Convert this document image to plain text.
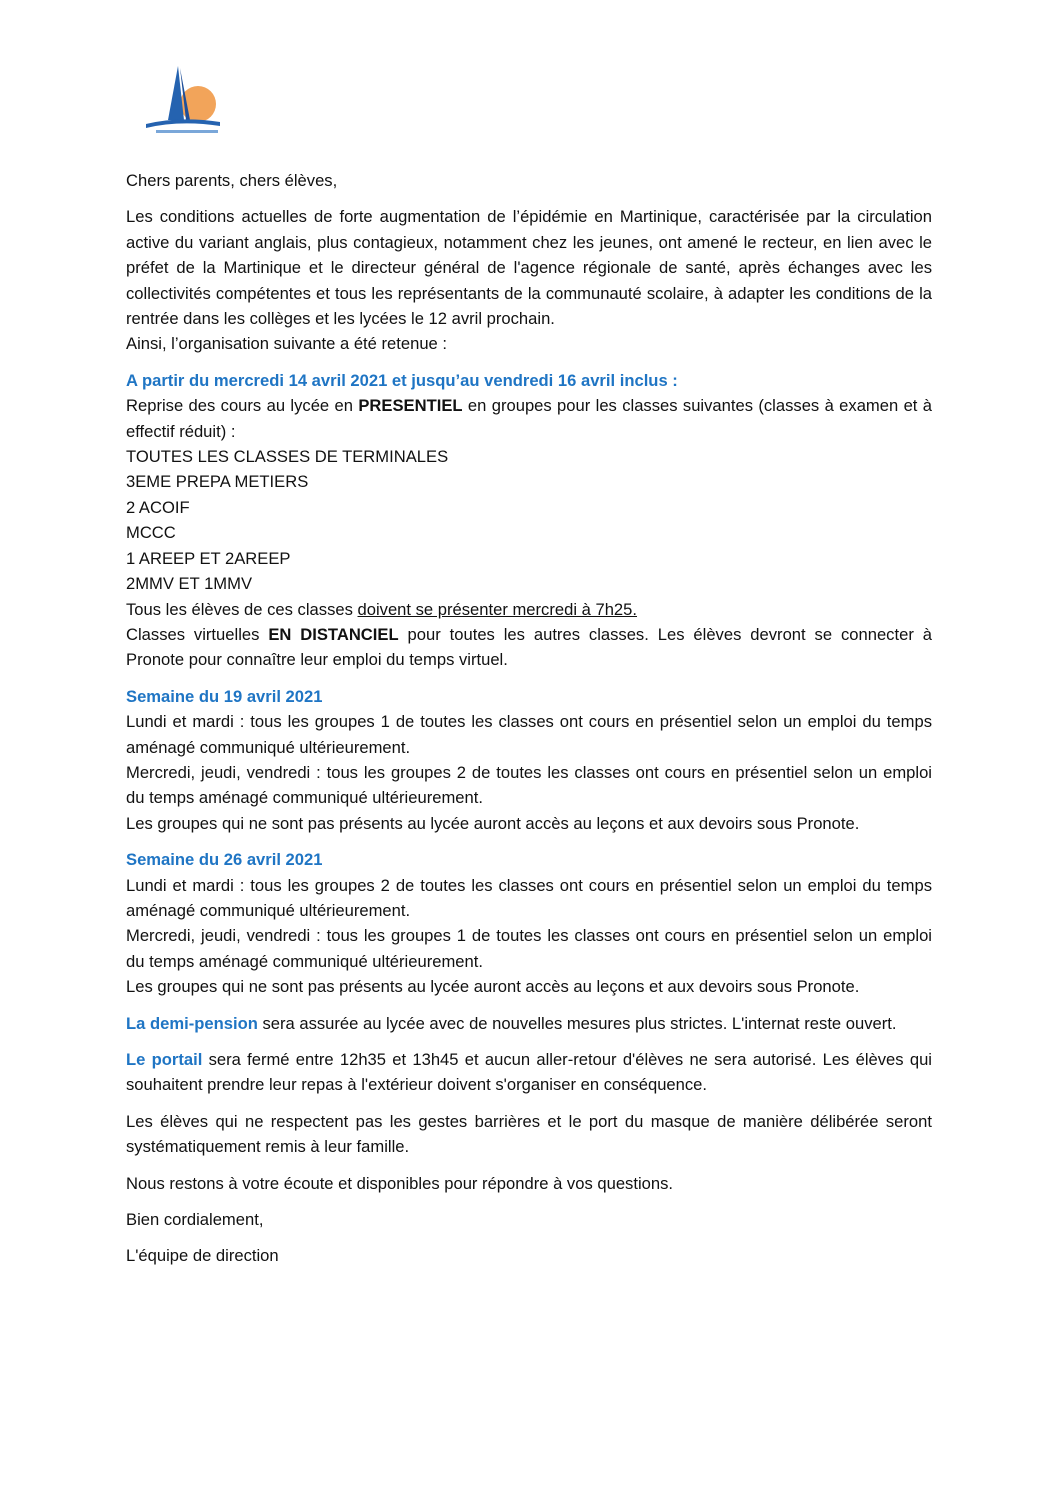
Chers parents, chers élèves,

Les conditions actuelles de forte augmentation de l’épidémie en Martinique, caractérisée par la circulation active du variant anglais, plus contagieux, notamment chez les jeunes, ont amené le recteur, en lien avec le préfet de la Martinique et le directeur général de l'agence régionale de santé, après échanges avec les collectivités compétentes et tous les représentants de la communauté scolaire, à adapter les conditions de la rentrée dans les collèges et les lycées le 12 avril prochain.

Ainsi, l’organisation suivante a été retenue :

A partir du mercredi 14 avril 2021 et jusqu’au vendredi 16 avril inclus :

Reprise des cours au lycée en PRESENTIEL en groupes pour les classes suivantes (classes à examen et à effectif réduit) :

TOUTES LES CLASSES DE TERMINALES
3EME PREPA METIERS
2 ACOIF
MCCC
1 AREEP ET 2AREEP
2MMV ET 1MMV

Tous les élèves de ces classes doivent se présenter mercredi à 7h25.

Classes virtuelles EN DISTANCIEL pour toutes les autres classes. Les élèves devront se connecter à Pronote pour connaître leur emploi du temps virtuel.

Semaine du 19 avril 2021

Lundi et mardi : tous les groupes 1 de toutes les classes ont cours en présentiel selon un emploi du temps aménagé communiqué ultérieurement.

Mercredi, jeudi, vendredi : tous les groupes 2 de toutes les classes ont cours en présentiel selon un emploi du temps aménagé communiqué ultérieurement.

Les groupes qui ne sont pas présents au lycée auront accès au leçons et aux devoirs sous Pronote.

Semaine du 26 avril 2021

Lundi et mardi : tous les groupes 2 de toutes les classes ont cours en présentiel selon un emploi du temps aménagé communiqué ultérieurement.

Mercredi, jeudi, vendredi : tous les groupes 1 de toutes les classes ont cours en présentiel selon un emploi du temps aménagé communiqué ultérieurement.

Les groupes qui ne sont pas présents au lycée auront accès au leçons et aux devoirs sous Pronote.

La demi-pension sera assurée au lycée avec de nouvelles mesures plus strictes. L'internat reste ouvert.

Le portail sera fermé entre 12h35 et 13h45 et aucun aller-retour d'élèves ne sera autorisé. Les élèves qui souhaitent prendre leur repas à l'extérieur doivent s'organiser en conséquence.

Les élèves qui ne respectent pas les gestes barrières et le port du masque de manière délibérée seront systématiquement remis à leur famille.

Nous restons à votre écoute et disponibles pour répondre à vos questions.

Bien cordialement,

L'équipe de direction
